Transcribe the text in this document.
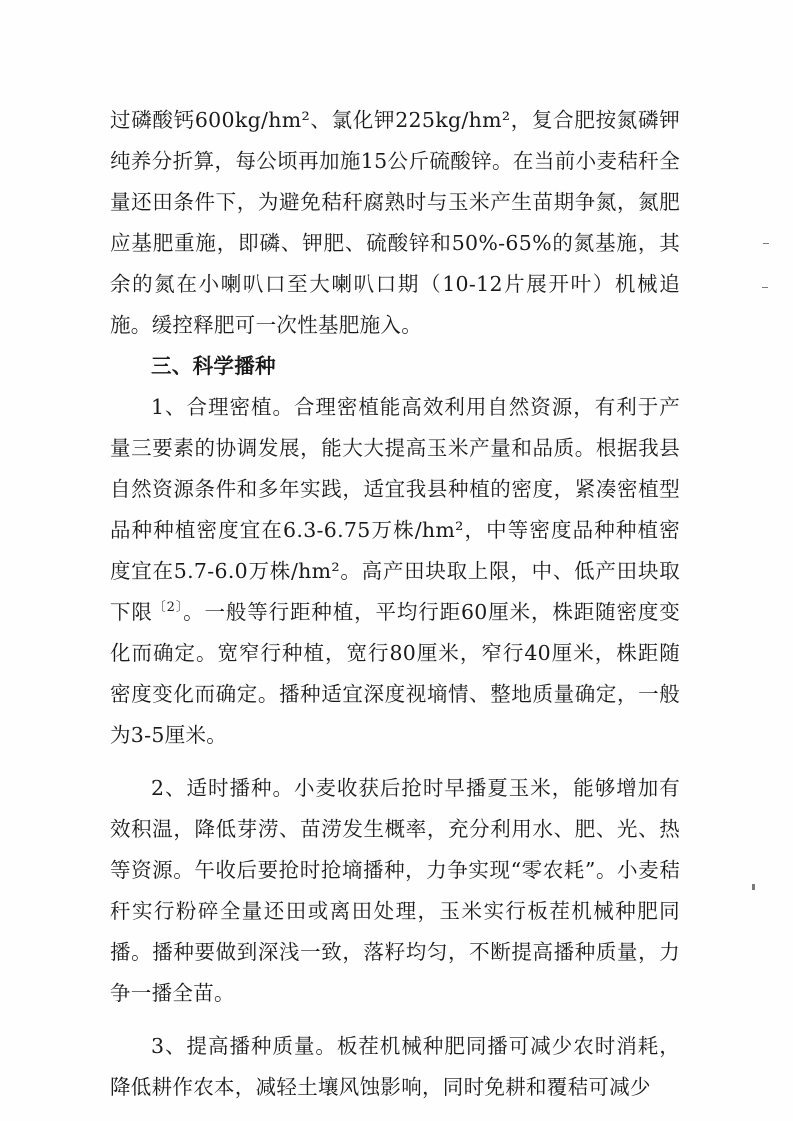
过磷酸钙600kg/hm²、氯化钾225kg/hm²，复合肥按氮磷钾纯养分折算，每公顷再加施15公斤硫酸锌。在当前小麦秸秆全量还田条件下，为避免秸秆腐熟时与玉米产生苗期争氮，氮肥应基肥重施，即磷、钾肥、硫酸锌和50%-65%的氮基施，其余的氮在小喇叭口至大喇叭口期（10-12片展开叶）机械追施。缓控释肥可一次性基肥施入。

三、科学播种

1、合理密植。合理密植能高效利用自然资源，有利于产量三要素的协调发展，能大大提高玉米产量和品质。根据我县自然资源条件和多年实践，适宜我县种植的密度，紧凑密植型品种种植密度宜在6.3-6.75万株/hm²，中等密度品种种植密度宜在5.7-6.0万株/hm²。高产田块取上限，中、低产田块取下限$^{〔2〕}$。一般等行距种植，平均行距60厘米，株距随密度变化而确定。宽窄行种植，宽行80厘米，窄行40厘米，株距随密度变化而确定。播种适宜深度视墒情、整地质量确定，一般为3-5厘米。

2、适时播种。小麦收获后抢时早播夏玉米，能够增加有效积温，降低芽涝、苗涝发生概率，充分利用水、肥、光、热等资源。午收后要抢时抢墒播种，力争实现“零农耗”。小麦秸秆实行粉碎全量还田或离田处理，玉米实行板茬机械种肥同播。播种要做到深浅一致，落籽均匀，不断提高播种质量，力争一播全苗。

3、提高播种质量。板茬机械种肥同播可减少农时消耗，降低耕作农本，减轻土壤风蚀影响，同时免耕和覆秸可减少
